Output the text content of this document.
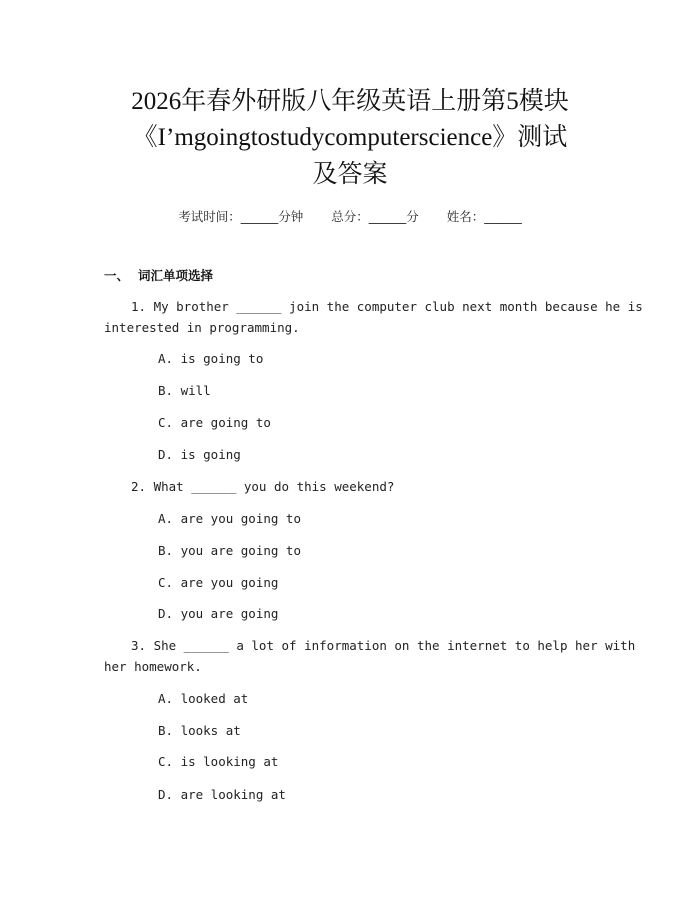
2026年春外研版八年级英语上册第5模块
《I’mgoingtostudycomputerscience》测试
及答案
考试时间：______分钟 总分：______分 姓名：______
一、 词汇单项选择
1. My brother ______ join the computer club next month because he is
interested in programming.
A. is going to
B. will
C. are going to
D. is going
2. What ______ you do this weekend?
A. are you going to
B. you are going to
C. are you going
D. you are going
3. She ______ a lot of information on the internet to help her with
her homework.
A. looked at
B. looks at
C. is looking at
D. are looking at
